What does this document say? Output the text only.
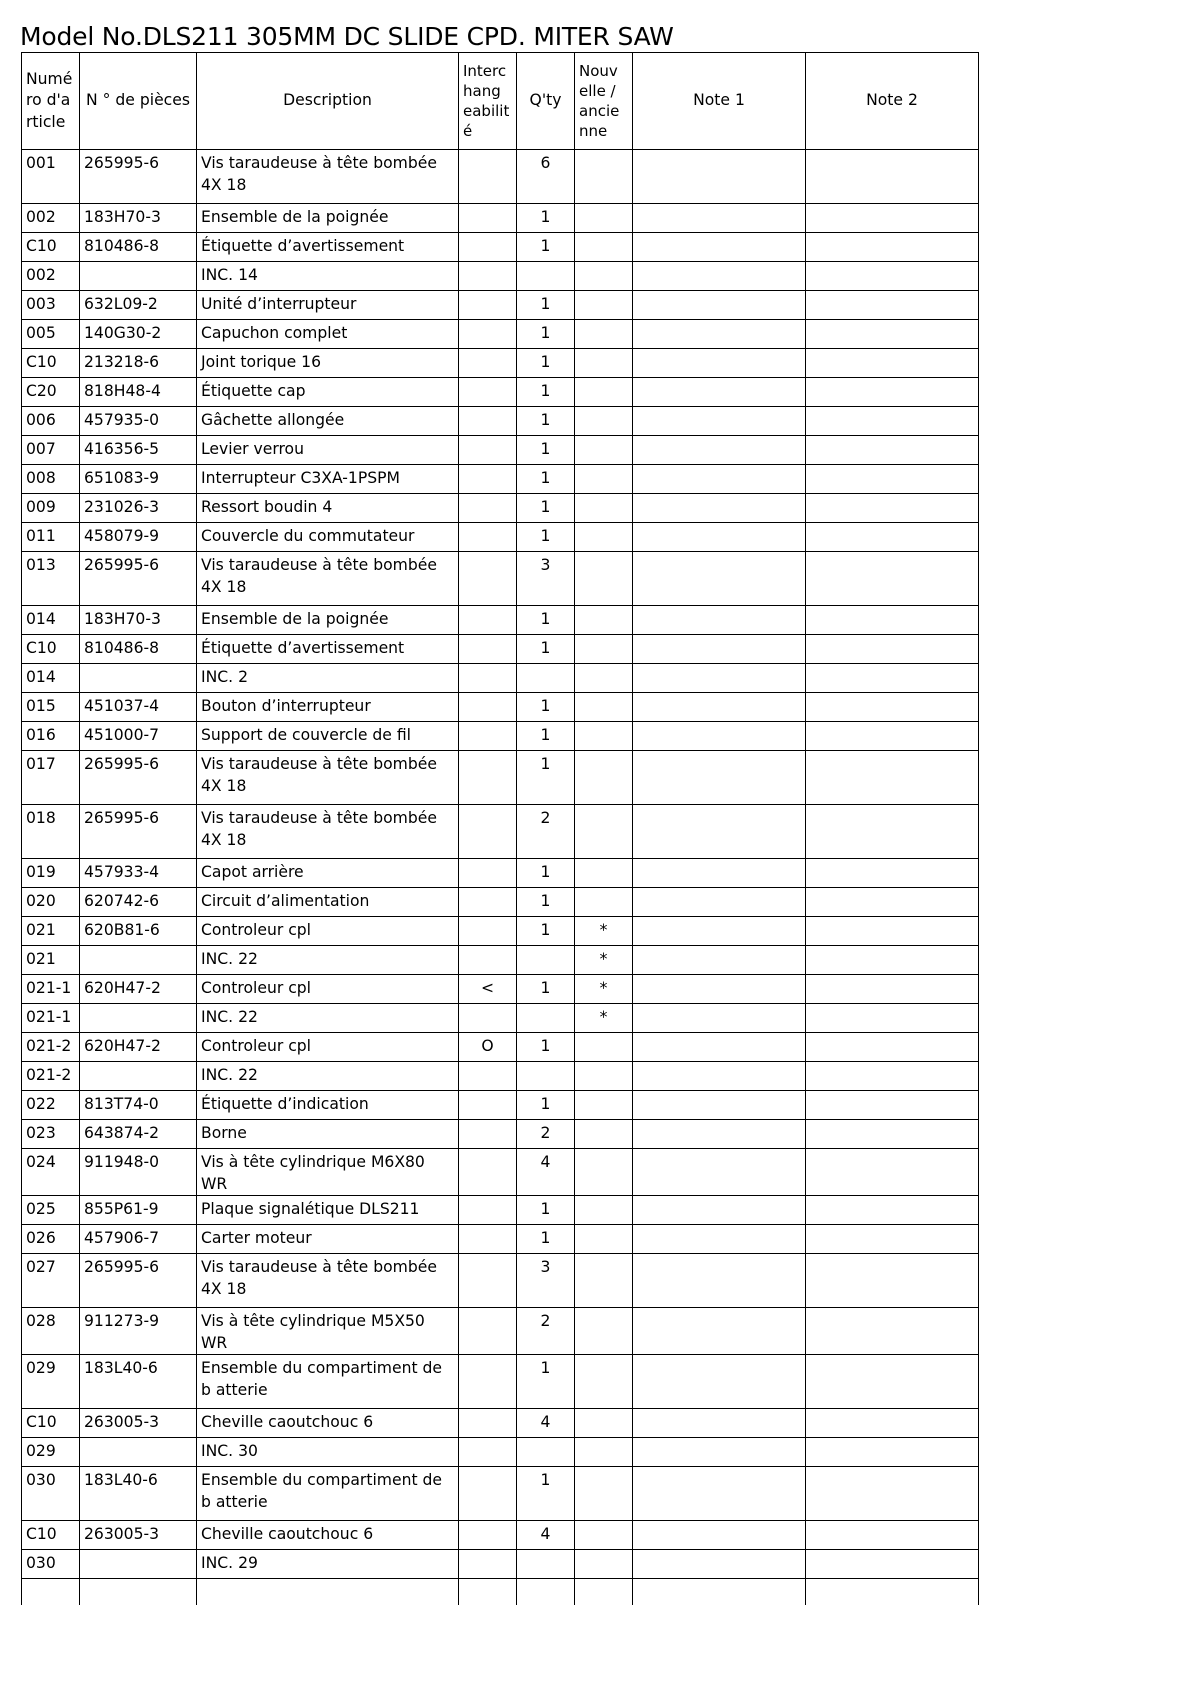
Model No.DLS211 305MM DC SLIDE CPD. MITER SAW
Numé
ro d'a
rticle	N ° de pièces	Description	Interc
hang
eabilit
é	Q'ty	Nouv
elle /
ancie
nne	Note 1	Note 2
001	265995-6	Vis taraudeuse à tête bombée 4X 18		6			
002	183H70-3	Ensemble de la poignée		1			
C10	810486-8	Étiquette d’avertissement		1			
002		INC. 14					
003	632L09-2	Unité d’interrupteur		1			
005	140G30-2	Capuchon complet		1			
C10	213218-6	Joint torique 16		1			
C20	818H48-4	Étiquette cap		1			
006	457935-0	Gâchette allongée		1			
007	416356-5	Levier verrou		1			
008	651083-9	Interrupteur C3XA-1PSPM		1			
009	231026-3	Ressort boudin 4		1			
011	458079-9	Couvercle du commutateur		1			
013	265995-6	Vis taraudeuse à tête bombée 4X 18		3			
014	183H70-3	Ensemble de la poignée		1			
C10	810486-8	Étiquette d’avertissement		1			
014		INC. 2					
015	451037-4	Bouton d’interrupteur		1			
016	451000-7	Support de couvercle de fil		1			
017	265995-6	Vis taraudeuse à tête bombée 4X 18		1			
018	265995-6	Vis taraudeuse à tête bombée 4X 18		2			
019	457933-4	Capot arrière		1			
020	620742-6	Circuit d’alimentation		1			
021	620B81-6	Controleur cpl		1	*		
021		INC. 22			*		
021-1	620H47-2	Controleur cpl	<	1	*		
021-1		INC. 22			*		
021-2	620H47-2	Controleur cpl	O	1			
021-2		INC. 22					
022	813T74-0	Étiquette d’indication		1			
023	643874-2	Borne		2			
024	911948-0	Vis à tête cylindrique M6X80 WR		4			
025	855P61-9	Plaque signalétique DLS211		1			
026	457906-7	Carter moteur		1			
027	265995-6	Vis taraudeuse à tête bombée 4X 18		3			
028	911273-9	Vis à tête cylindrique M5X50 WR		2			
029	183L40-6	Ensemble du compartiment de b atterie		1			
C10	263005-3	Cheville caoutchouc 6		4			
029		INC. 30					
030	183L40-6	Ensemble du compartiment de b atterie		1			
C10	263005-3	Cheville caoutchouc 6		4			
030		INC. 29					
